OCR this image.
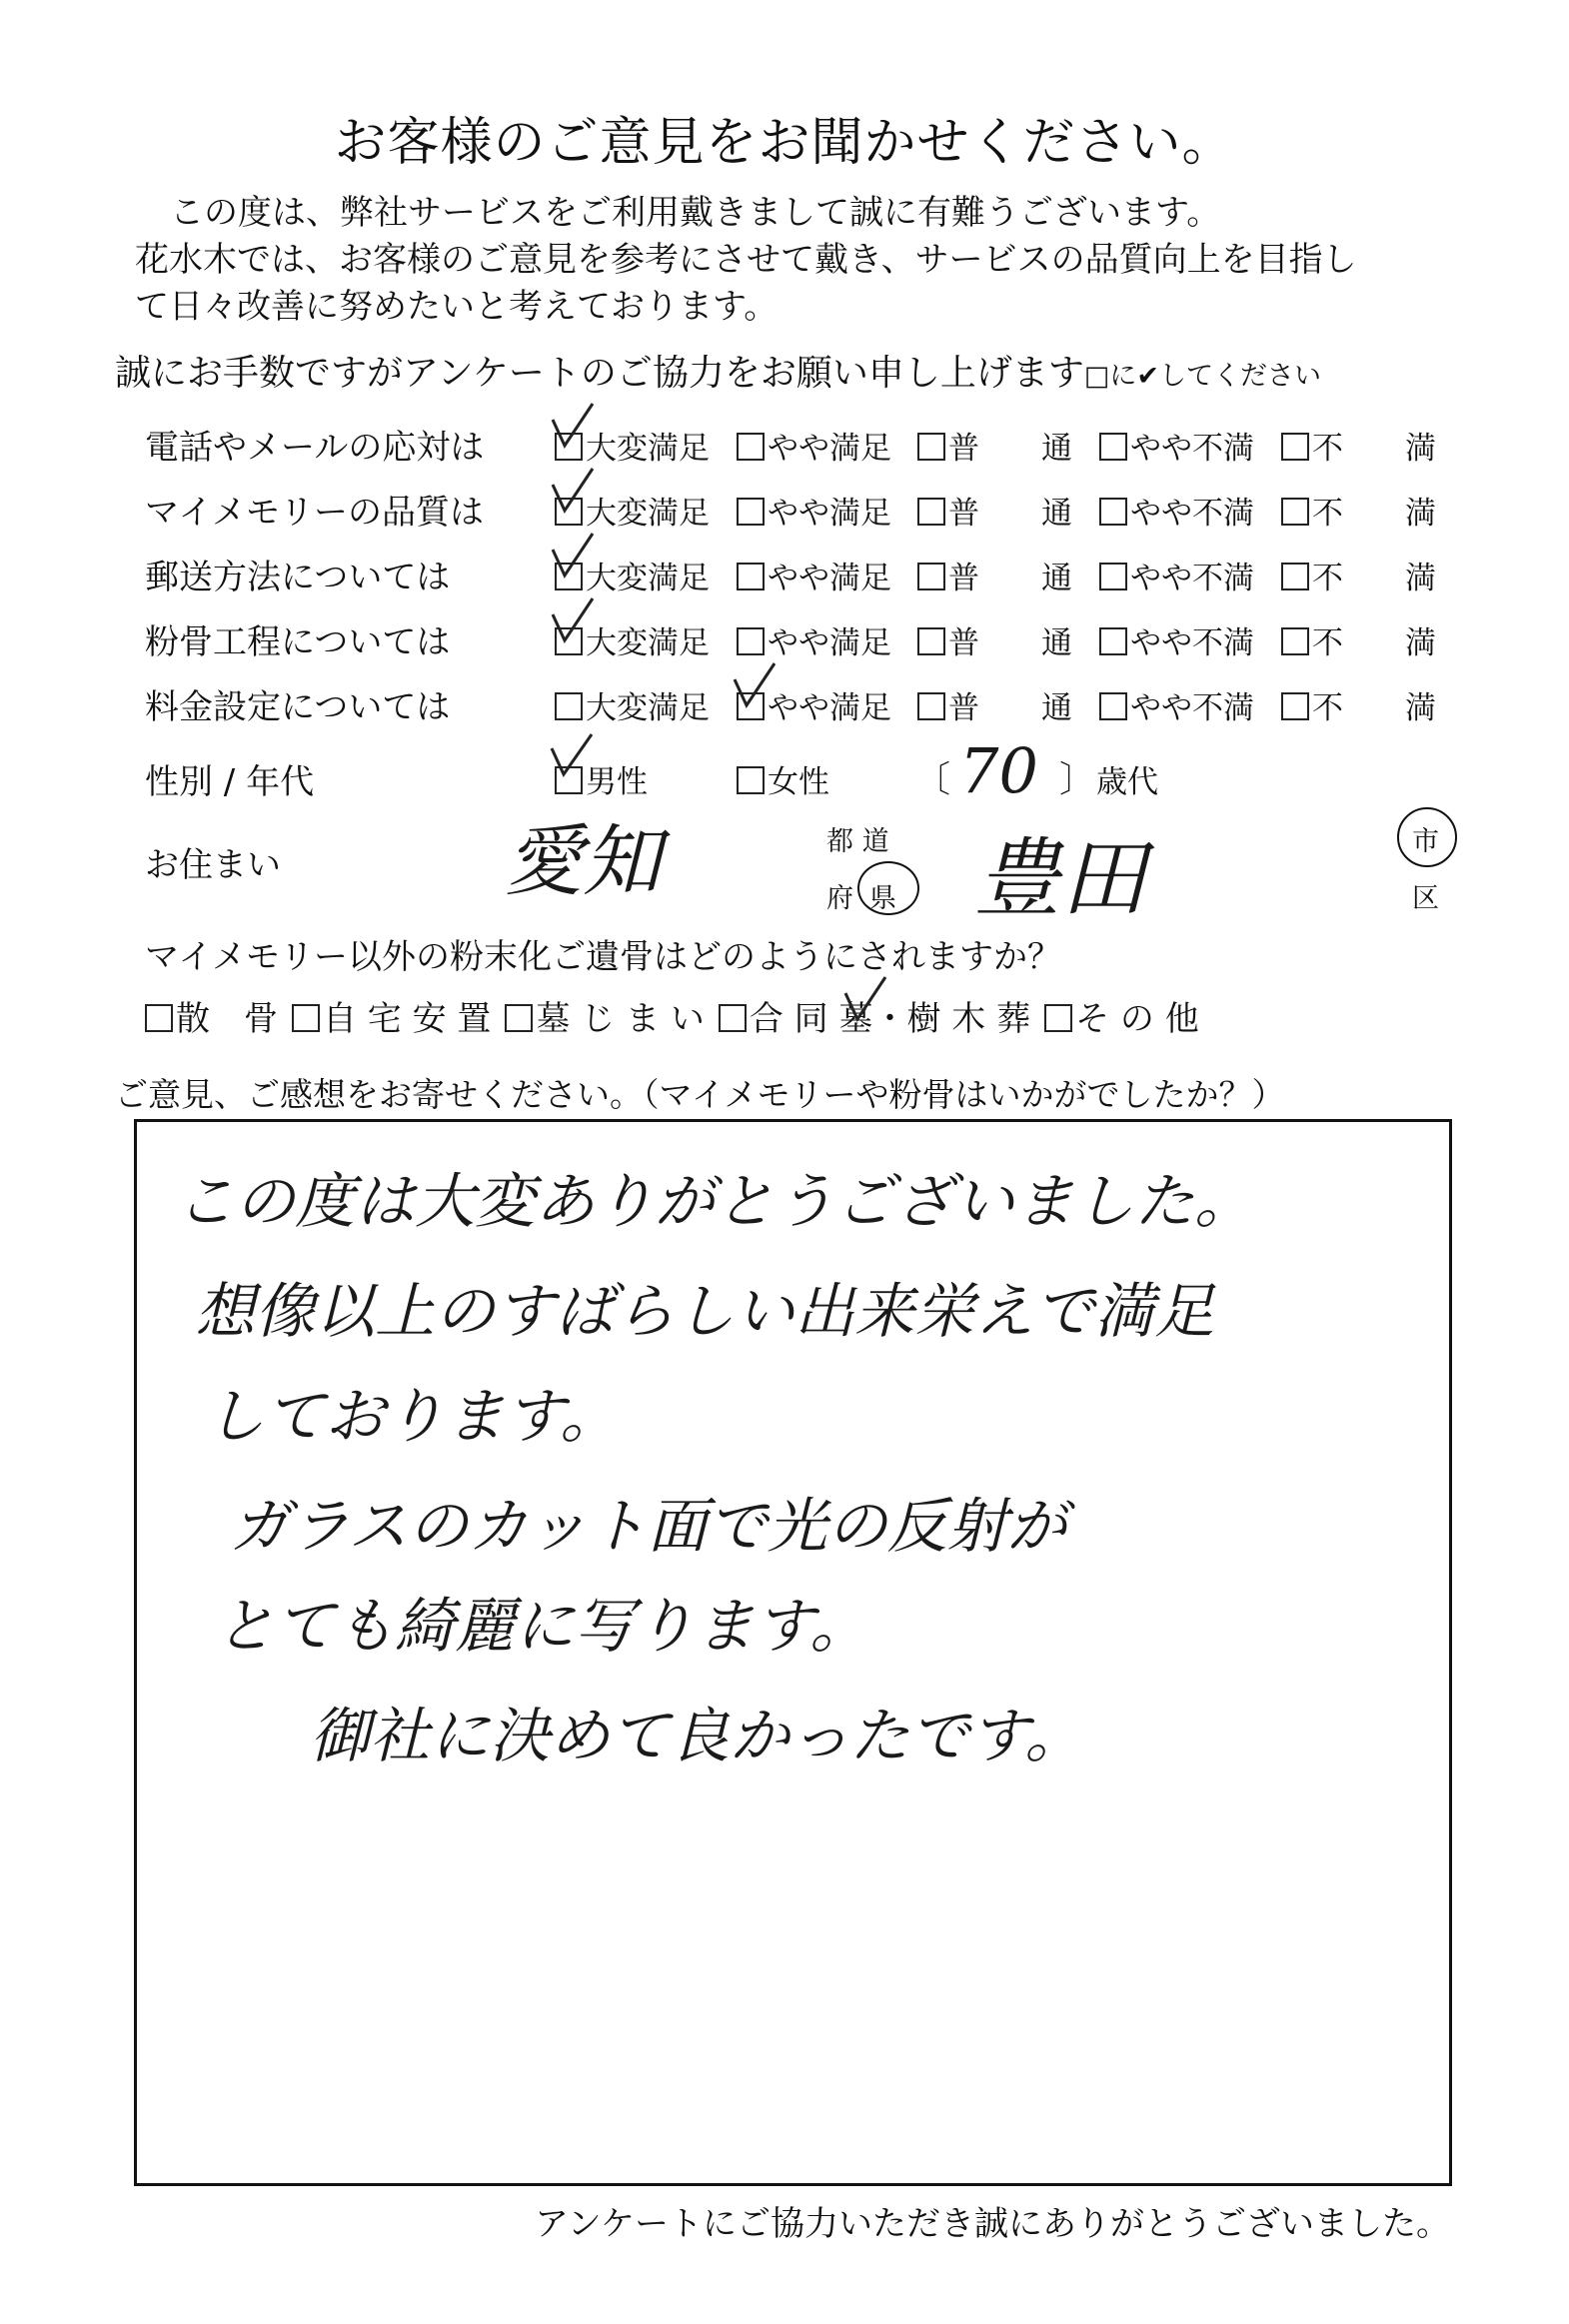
お客様のご意見をお聞かせください。
この度は、弊社サービスをご利用戴きまして誠に有難うございます。
花水木では、お客様のご意見を参考にさせて戴き、サービスの品質向上を目指し
て日々改善に努めたいと考えております。
誠にお手数ですがアンケートのご協力をお願い申し上げます□に✔してください
電話やメールの応対は	大変満足	やや満足	普　　通	やや不満	不　　満
マイメモリーの品質は	大変満足	やや満足	普　　通	やや不満	不　　満
郵送方法については	大変満足	やや満足	普　　通	やや不満	不　　満
粉骨工程については	大変満足	やや満足	普　　通	やや不満	不　　満
料金設定については	大変満足	やや満足	普　　通	やや不満	不　　満
性別 / 年代	男性	女性 〔 70 〕 歳代
お住まい	愛知	都 道
府 県 豊田	市
区
マイメモリー以外の粉末化ご遺骨はどのようにされますか？
散　骨 自 宅 安 置 墓 じ ま い 合 同 墓・樹 木 葬 そ の 他
ご意見、ご感想をお寄せください。（マイメモリーや粉骨はいかがでしたか？）
この度は大変ありがとうございました。
想像以上のすばらしい出来栄えで満足
しております。
ガラスのカット面で光の反射が
とても綺麗に写ります。
御社に決めて良かったです。
アンケートにご協力いただき誠にありがとうございました。
